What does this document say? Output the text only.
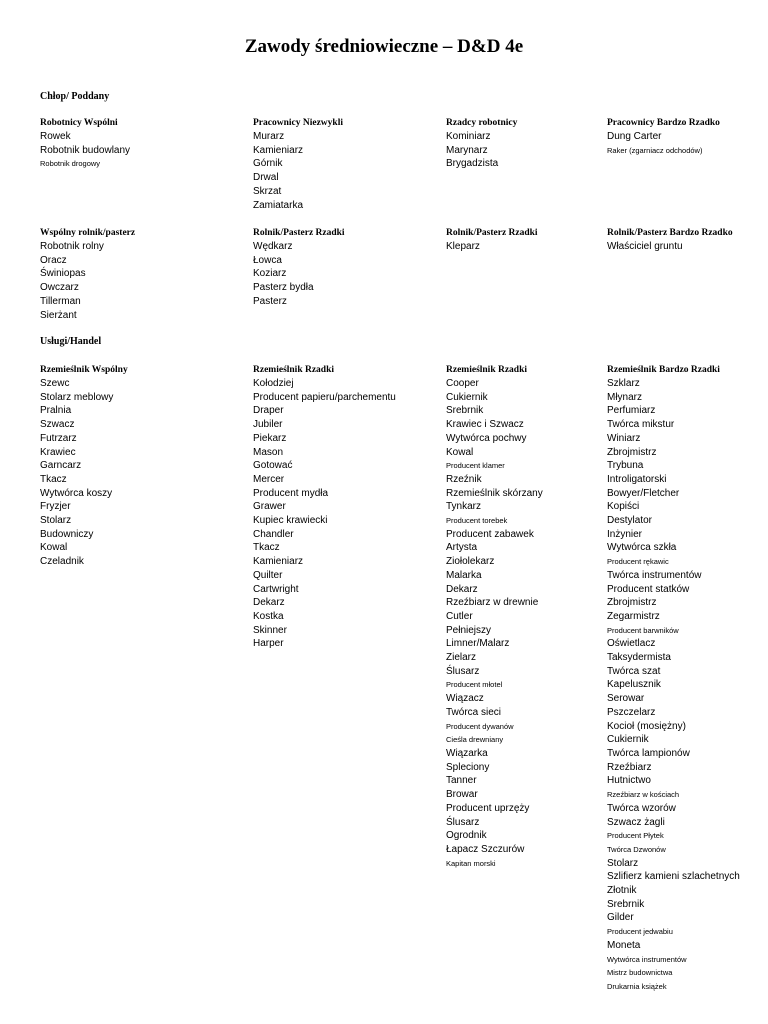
Zawody średniowieczne – D&D 4e
Chłop/ Poddany
Robotnicy Wspólni
Rowek
Robotnik budowlany
Robotnik drogowy
Pracownicy Niezwykli
Murarz
Kamieniarz
Górnik
Drwal
Skrzat
Zamiatarka
Rzadcy robotnicy
Kominiarz
Marynarz
Brygadzista
Pracownicy Bardzo Rzadko
Dung Carter
Raker (zgarniacz odchodów)
Wspólny rolnik/pasterz
Robotnik rolny
Oracz
Świniopas
Owczarz
Tillerman
Sierżant
Rolnik/Pasterz Rzadki
Wędkarz
Łowca
Koziarz
Pasterz bydła
Pasterz
Rolnik/Pasterz Rzadki
Kleparz
Rolnik/Pasterz Bardzo Rzadko
Właściciel gruntu
Usługi/Handel
Rzemieślnik Wspólny
Szewc
Stolarz meblowy
Pralnia
Szwacz
Futrzarz
Krawiec
Garncarz
Tkacz
Wytwórca koszy
Fryzjer
Stolarz
Budowniczy
Kowal
Czeladnik
Rzemieślnik Rzadki
Kołodziej
Producent papieru/parchementu
Draper
Jubiler
Piekarz
Mason
Gotować
Mercer
Producent mydła
Grawer
Kupiec krawiecki
Chandler
Tkacz
Kamieniarz
Quilter
Cartwright
Dekarz
Kostka
Skinner
Harper
Rzemieślnik Rzadki
Cooper
Cukiernik
Srebrnik
Krawiec i Szwacz
Wytwórca pochwy
Kowal
Producent klamer
Rzeźnik
Rzemieślnik skórzany
Tynkarz
Producent torebek
Producent zabawek
Artysta
Ziołolekarz
Malarka
Dekarz
Rzeźbiarz w drewnie
Cutler
Pełniejszy
Limner/Malarz
Zielarz
Ślusarz
Producent młotel
Wiązacz
Twórca sieci
Producent dywanów
Cieśla drewniany
Wiązarka
Spleciony
Tanner
Browar
Producent uprzęży
Ślusarz
Ogrodnik
Łapacz Szczurów
Kapitan morski
Rzemieślnik Bardzo Rzadki
Szklarz
Młynarz
Perfumiarz
Twórca mikstur
Winiarz
Zbrojmistrz
Trybuna
Introligatorski
Bowyer/Fletcher
Kopiści
Destylator
Inżynier
Wytwórca szkła
Producent rękawic
Twórca instrumentów
Producent statków
Zbrojmistrz
Zegarmistrz
Producent barwników
Oświetlacz
Taksydermista
Twórca szat
Kapelusznik
Serowar
Pszczelarz
Kocioł (mosiężny)
Cukiernik
Twórca lampionów
Rzeźbiarz
Hutnictwo
Rzeźbiarz w kościach
Twórca wzorów
Szwacz żagli
Producent Płytek
Twórca Dzwonów
Stolarz
Szlifierz kamieni szlachetnych
Złotnik
Srebrnik
Gilder
Producent jedwabiu
Moneta
Wytwórca instrumentów
Mistrz budownictwa
Drukarnia książek
